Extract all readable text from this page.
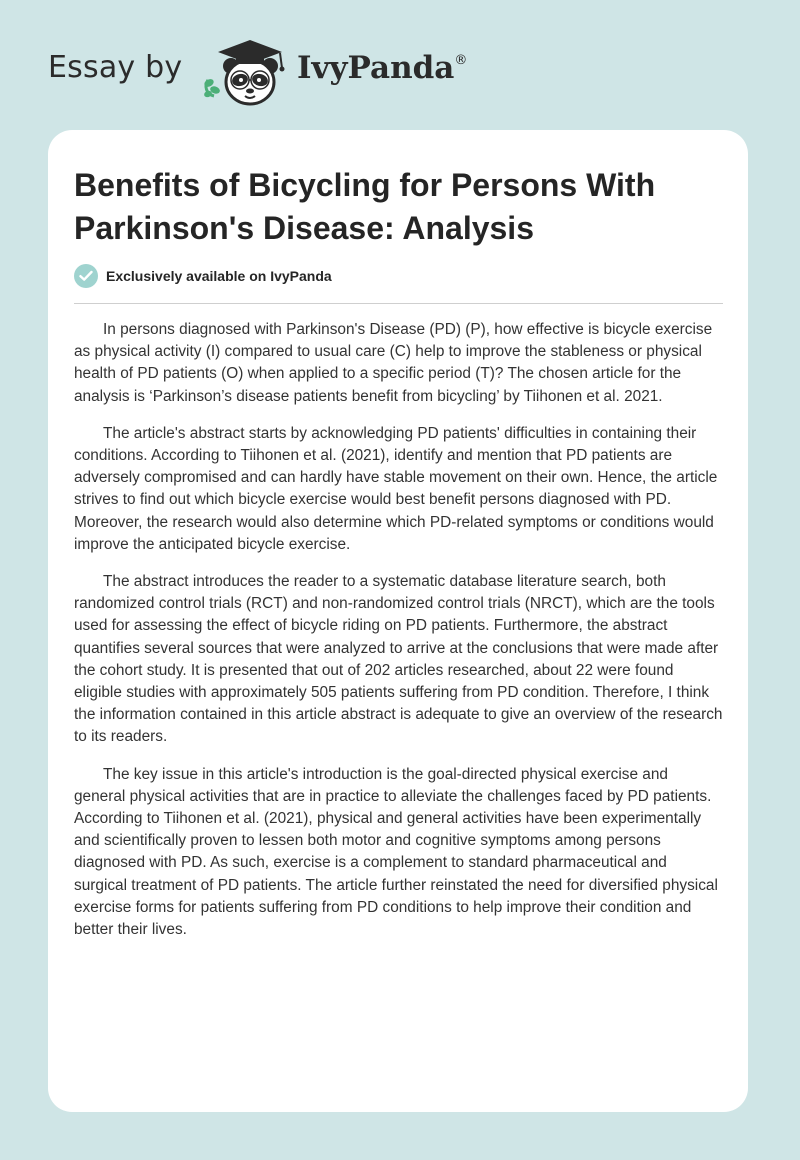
Essay by	IvyPanda®
Benefits of Bicycling for Persons With Parkinson's Disease: Analysis
Exclusively available on IvyPanda

In persons diagnosed with Parkinson's Disease (PD) (P), how effective is bicycle exercise as physical activity (I) compared to usual care (C) help to improve the stableness or physical health of PD patients (O) when applied to a specific period (T)? The chosen article for the analysis is ‘Parkinson’s disease patients benefit from bicycling’ by Tiihonen et al. 2021.

The article's abstract starts by acknowledging PD patients' difficulties in containing their conditions. According to Tiihonen et al. (2021), identify and mention that PD patients are adversely compromised and can hardly have stable movement on their own. Hence, the article strives to find out which bicycle exercise would best benefit persons diagnosed with PD. Moreover, the research would also determine which PD-related symptoms or conditions would improve the anticipated bicycle exercise.

The abstract introduces the reader to a systematic database literature search, both randomized control trials (RCT) and non-randomized control trials (NRCT), which are the tools used for assessing the effect of bicycle riding on PD patients. Furthermore, the abstract quantifies several sources that were analyzed to arrive at the conclusions that were made after the cohort study. It is presented that out of 202 articles researched, about 22 were found eligible studies with approximately 505 patients suffering from PD condition. Therefore, I think the information contained in this article abstract is adequate to give an overview of the research to its readers.

The key issue in this article's introduction is the goal-directed physical exercise and general physical activities that are in practice to alleviate the challenges faced by PD patients. According to Tiihonen et al. (2021), physical and general activities have been experimentally and scientifically proven to lessen both motor and cognitive symptoms among persons diagnosed with PD. As such, exercise is a complement to standard pharmaceutical and surgical treatment of PD patients. The article further reinstated the need for diversified physical exercise forms for patients suffering from PD conditions to help improve their condition and better their lives.
